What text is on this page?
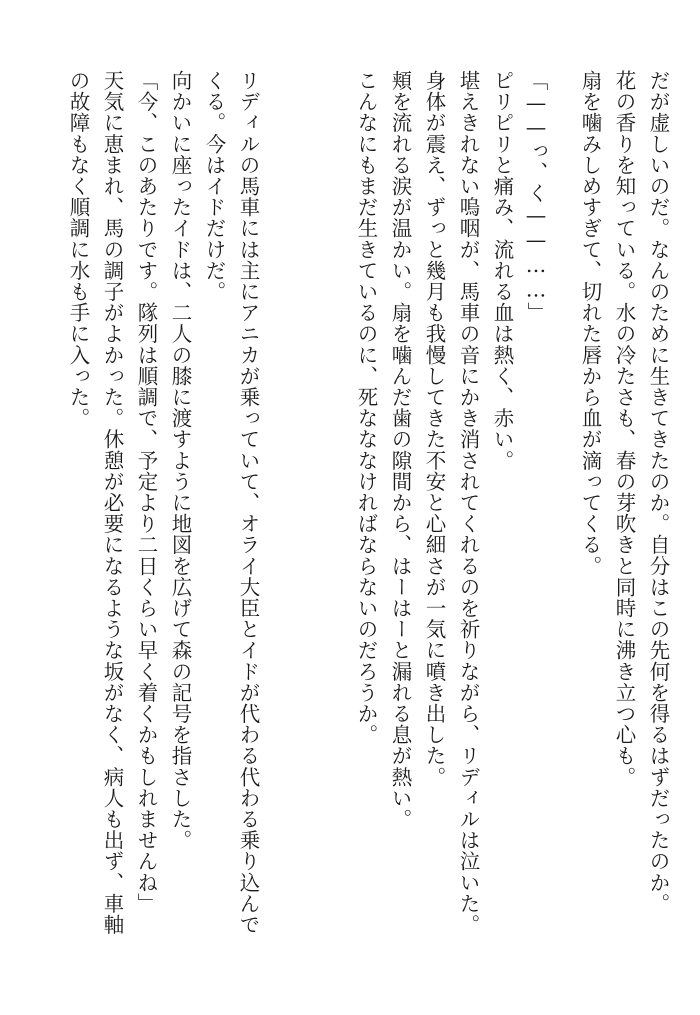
だが虚しいのだ。なんのために生きてきたのか。自分はこの先何を得るはずだったのか。
花の香りを知っている。水の冷たさも、春の芽吹きと同時に沸き立つ心も。
扇を噛みしめすぎて、切れた唇から血が滴ってくる。
「——っ、く——……」
ピリピリと痛み、流れる血は熱く、赤い。
堪えきれない嗚咽が、馬車の音にかき消されてくれるのを祈りながら、リディルは泣いた。
身体が震え、ずっと幾月も我慢してきた不安と心細さが一気に噴き出した。
頬を流れる涙が温かい。扇を噛んだ歯の隙間から、はーはーと漏れる息が熱い。
こんなにもまだ生きているのに、死なななければならないのだろうか。
リディルの馬車には主にアニカが乗っていて、オライ大臣とイドが代わる代わる乗り込んで
くる。今はイドだけだ。
向かいに座ったイドは、二人の膝に渡すように地図を広げて森の記号を指さした。
「今、このあたりです。隊列は順調で、予定より二日くらい早く着くかもしれませんね」
天気に恵まれ、馬の調子がよかった。休憩が必要になるような坂がなく、病人も出ず、車軸
の故障もなく順調に水も手に入った。
